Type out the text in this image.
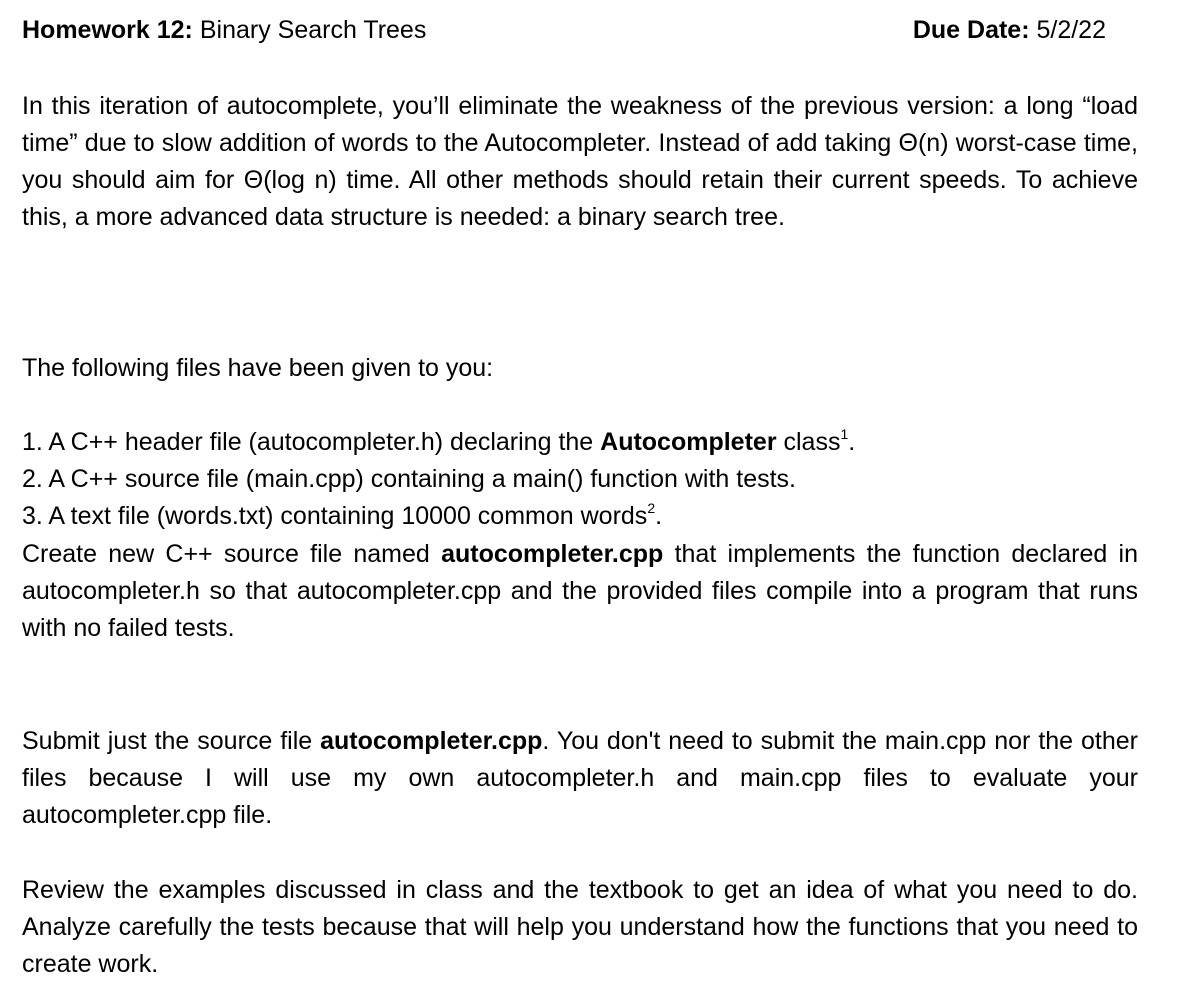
Homework 12: Binary Search Trees	Due Date: 5/2/22

In this iteration of autocomplete, you’ll eliminate the weakness of the previous version: a long “load time” due to slow addition of words to the Autocompleter. Instead of add taking Θ(n) worst-case time, you should aim for Θ(log n) time. All other methods should retain their current speeds. To achieve this, a more advanced data structure is needed: a binary search tree.

The following files have been given to you:

1. A C++ header file (autocompleter.h) declaring the Autocompleter class$^1$.
2. A C++ source file (main.cpp) containing a main() function with tests.
3. A text file (words.txt) containing 10000 common words$^2$.

Create new C++ source file named autocompleter.cpp that implements the function declared in autocompleter.h so that autocompleter.cpp and the provided files compile into a program that runs with no failed tests.

Submit just the source file autocompleter.cpp. You don't need to submit the main.cpp nor the other files because I will use my own autocompleter.h and main.cpp files to evaluate your autocompleter.cpp file.

Review the examples discussed in class and the textbook to get an idea of what you need to do. Analyze carefully the tests because that will help you understand how the functions that you need to create work.
